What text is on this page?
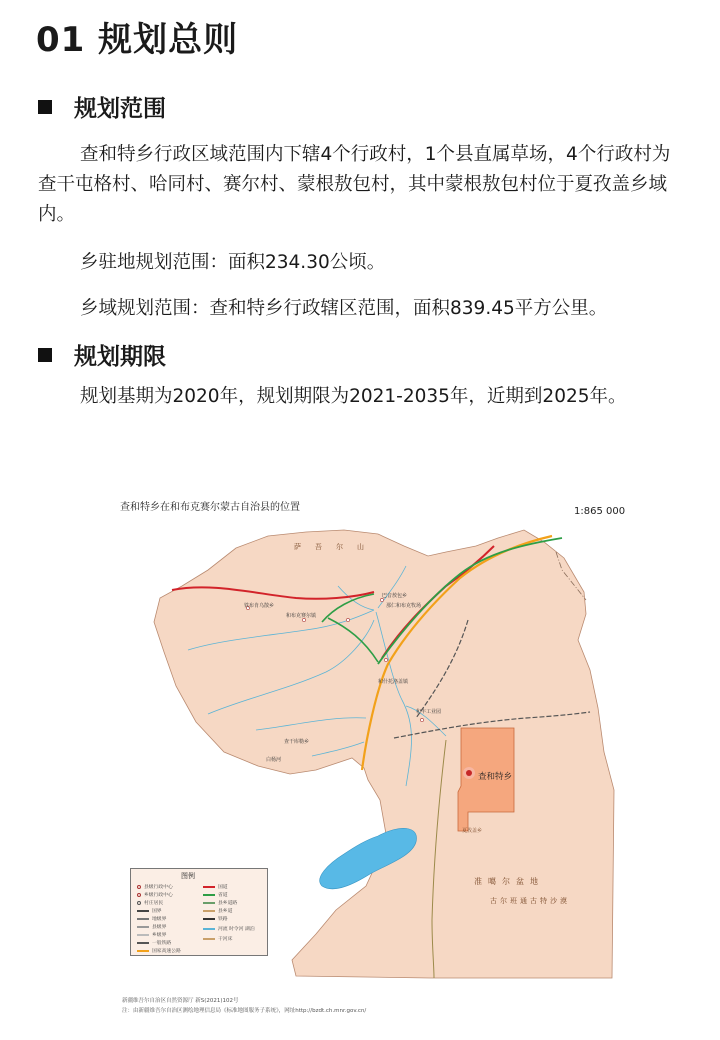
01 规划总则
规划范围

查和特乡行政区域范围内下辖4个行政村，1个县直属草场，4个行政村为查干屯格村、哈同村、赛尔村、蒙根敖包村，其中蒙根敖包村位于夏孜盖乡域内。

乡驻地规划范围：面积234.30公顷。

乡域规划范围：查和特乡行政辖区范围，面积839.45平方公里。

规划期限

规划基期为2020年，规划期限为2021-2035年，近期到2025年。

查和特乡在和布克赛尔蒙古自治县的位置	1:865 000
萨吾尔山
铁布肯乌散乡
和布克赛尔镇
巴音敖包乡
那仁和布克牧场
和什托洛盖镇
和丰工业园
查干库勒乡
白杨河
查和特乡
夏孜盖乡
准噶尔盆地
古尔班通古特沙漠
图例
县级行政中心
乡级行政中心
村庄居民
国界
地级界
县级界
乡级界
一般铁路
国家高速公路
国道
省道
县乡道路
县乡道
铁路
河流 时令河 湖泊
干河床
新疆维吾尔自治区自然资源厅 新S(2021)102号
注：由新疆维吾尔自治区测绘地理信息局《标准地图服务子系统》，网址http://bzdt.ch.mnr.gov.cn/
